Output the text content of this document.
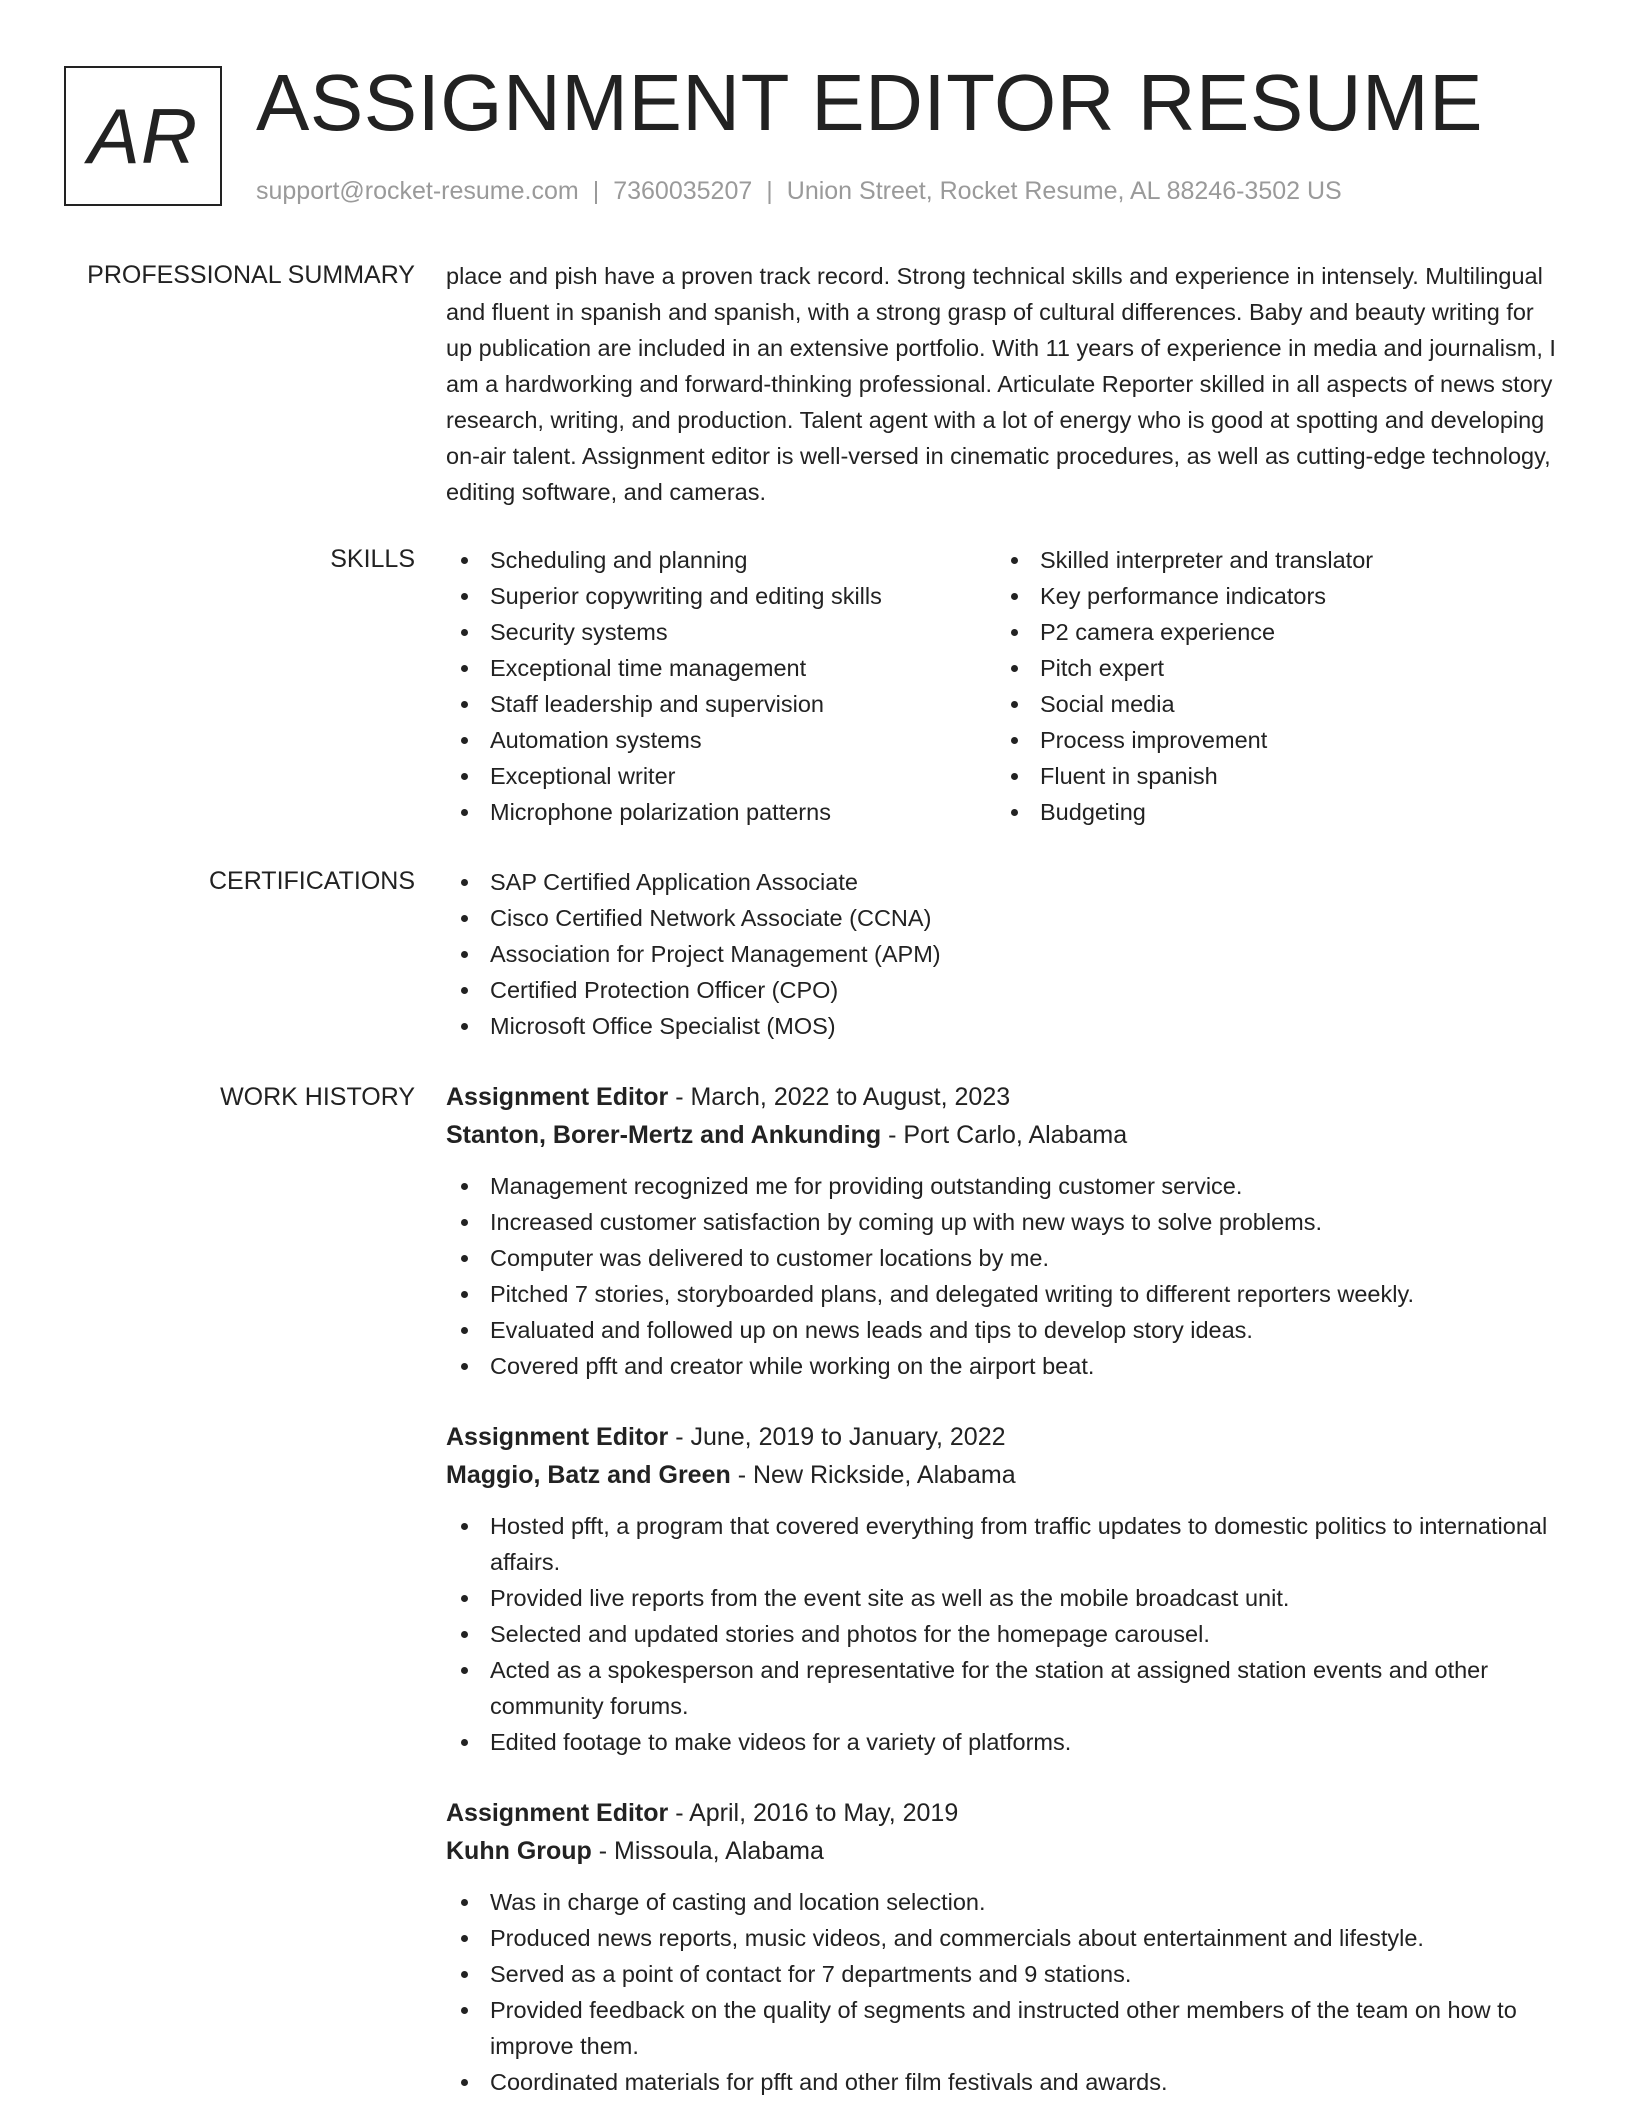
AR ASSIGNMENT EDITOR RESUME
support@rocket-resume.com | 7360035207 | Union Street, Rocket Resume, AL 88246-3502 US
PROFESSIONAL SUMMARY place and pish have a proven track record. Strong technical skills and experience in intensely. Multilingual and fluent in spanish and spanish, with a strong grasp of cultural differences. Baby and beauty writing for up publication are included in an extensive portfolio. With 11 years of experience in media and journalism, I am a hardworking and forward-thinking professional. Articulate Reporter skilled in all aspects of news story research, writing, and production. Talent agent with a lot of energy who is good at spotting and developing on-air talent. Assignment editor is well-versed in cinematic procedures, as well as cutting-edge technology, editing software, and cameras.
SKILLS	Scheduling and planning
Superior copywriting and editing skills
Security systems
Exceptional time management
Staff leadership and supervision
Automation systems
Exceptional writer
Microphone polarization patterns
Skilled interpreter and translator
Key performance indicators
P2 camera experience
Pitch expert
Social media
Process improvement
Fluent in spanish
Budgeting
CERTIFICATIONS	SAP Certified Application Associate
Cisco Certified Network Associate (CCNA)
Association for Project Management (APM)
Certified Protection Officer (CPO)
Microsoft Office Specialist (MOS)
WORK HISTORY Assignment Editor - March, 2022 to August, 2023
Stanton, Borer-Mertz and Ankunding - Port Carlo, Alabama
Management recognized me for providing outstanding customer service.
Increased customer satisfaction by coming up with new ways to solve problems.
Computer was delivered to customer locations by me.
Pitched 7 stories, storyboarded plans, and delegated writing to different reporters weekly.
Evaluated and followed up on news leads and tips to develop story ideas.
Covered pfft and creator while working on the airport beat.
Assignment Editor - June, 2019 to January, 2022
Maggio, Batz and Green - New Rickside, Alabama
Hosted pfft, a program that covered everything from traffic updates to domestic politics to international affairs.
Provided live reports from the event site as well as the mobile broadcast unit.
Selected and updated stories and photos for the homepage carousel.
Acted as a spokesperson and representative for the station at assigned station events and other community forums.
Edited footage to make videos for a variety of platforms.
Assignment Editor - April, 2016 to May, 2019
Kuhn Group - Missoula, Alabama
Was in charge of casting and location selection.
Produced news reports, music videos, and commercials about entertainment and lifestyle.
Served as a point of contact for 7 departments and 9 stations.
Provided feedback on the quality of segments and instructed other members of the team on how to improve them.
Coordinated materials for pfft and other film festivals and awards.
